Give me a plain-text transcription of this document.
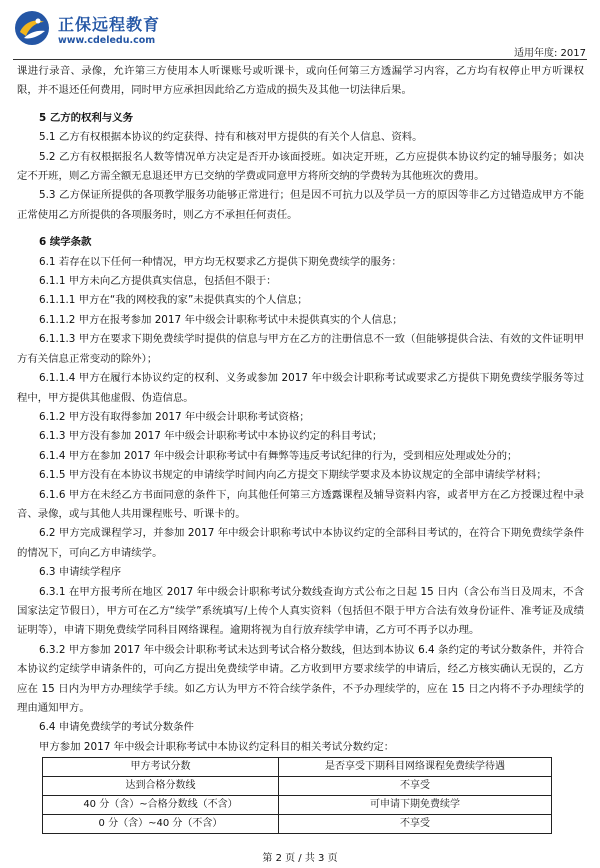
正保远程教育
www.cdeledu.com
适用年度: 2017

课进行录音、录像，允许第三方使用本人听课账号或听课卡，或向任何第三方透漏学习内容，乙方均有权停止甲方听课权限，并不退还任何费用，同时甲方应承担因此给乙方造成的损失及其他一切法律后果。

5 乙方的权利与义务

5.1 乙方有权根据本协议的约定获得、持有和核对甲方提供的有关个人信息、资料。

5.2 乙方有权根据报名人数等情况单方决定是否开办该面授班。如决定开班，乙方应提供本协议约定的辅导服务；如决定不开班，则乙方需全额无息退还甲方已交纳的学费或同意甲方将所交纳的学费转为其他班次的费用。

5.3 乙方保证所提供的各项教学服务功能够正常进行；但是因不可抗力以及学员一方的原因等非乙方过错造成甲方不能正常使用乙方所提供的各项服务时，则乙方不承担任何责任。

6 续学条款

6.1 若存在以下任何一种情况，甲方均无权要求乙方提供下期免费续学的服务：

6.1.1 甲方未向乙方提供真实信息，包括但不限于：

6.1.1.1 甲方在“我的网校我的家”未提供真实的个人信息；

6.1.1.2 甲方在报考参加 2017 年中级会计职称考试中未提供真实的个人信息；

6.1.1.3 甲方在要求下期免费续学时提供的信息与甲方在乙方的注册信息不一致（但能够提供合法、有效的文件证明甲方有关信息正常变动的除外）；

6.1.1.4 甲方在履行本协议约定的权利、义务或参加 2017 年中级会计职称考试或要求乙方提供下期免费续学服务等过程中，甲方提供其他虚假、伪造信息。

6.1.2 甲方没有取得参加 2017 年中级会计职称考试资格；

6.1.3 甲方没有参加 2017 年中级会计职称考试中本协议约定的科目考试；

6.1.4 甲方在参加 2017 年中级会计职称考试中有舞弊等违反考试纪律的行为，受到相应处理或处分的；

6.1.5 甲方没有在本协议书规定的申请续学时间内向乙方提交下期续学要求及本协议规定的全部申请续学材料；

6.1.6 甲方在未经乙方书面同意的条件下，向其他任何第三方透露课程及辅导资料内容，或者甲方在乙方授课过程中录音、录像，或与其他人共用课程账号、听课卡的。

6.2 甲方完成课程学习，并参加 2017 年中级会计职称考试中本协议约定的全部科目考试的，在符合下期免费续学条件的情况下，可向乙方申请续学。

6.3 申请续学程序

6.3.1 在甲方报考所在地区 2017 年中级会计职称考试分数线查询方式公布之日起 15 日内（含公布当日及周末，不含国家法定节假日），甲方可在乙方“续学”系统填写/上传个人真实资料（包括但不限于甲方合法有效身份证件、准考证及成绩证明等），申请下期免费续学同科目网络课程。逾期将视为自行放弃续学申请，乙方可不再予以办理。

6.3.2 甲方参加 2017 年中级会计职称考试未达到考试合格分数线，但达到本协议 6.4 条约定的考试分数条件，并符合本协议约定续学申请条件的，可向乙方提出免费续学申请。乙方收到甲方要求续学的申请后，经乙方核实确认无误的，乙方应在 15 日内为甲方办理续学手续。如乙方认为甲方不符合续学条件，不予办理续学的，应在 15 日之内将不予办理续学的理由通知甲方。

6.4 申请免费续学的考试分数条件

甲方参加 2017 年中级会计职称考试中本协议约定科目的相关考试分数约定：

甲方考试分数	是否享受下期科目网络课程免费续学待遇
达到合格分数线	不享受
40 分（含）~合格分数线（不含）	可申请下期免费续学
0 分（含）~40 分（不含）	不享受
第 2 页 / 共 3 页
